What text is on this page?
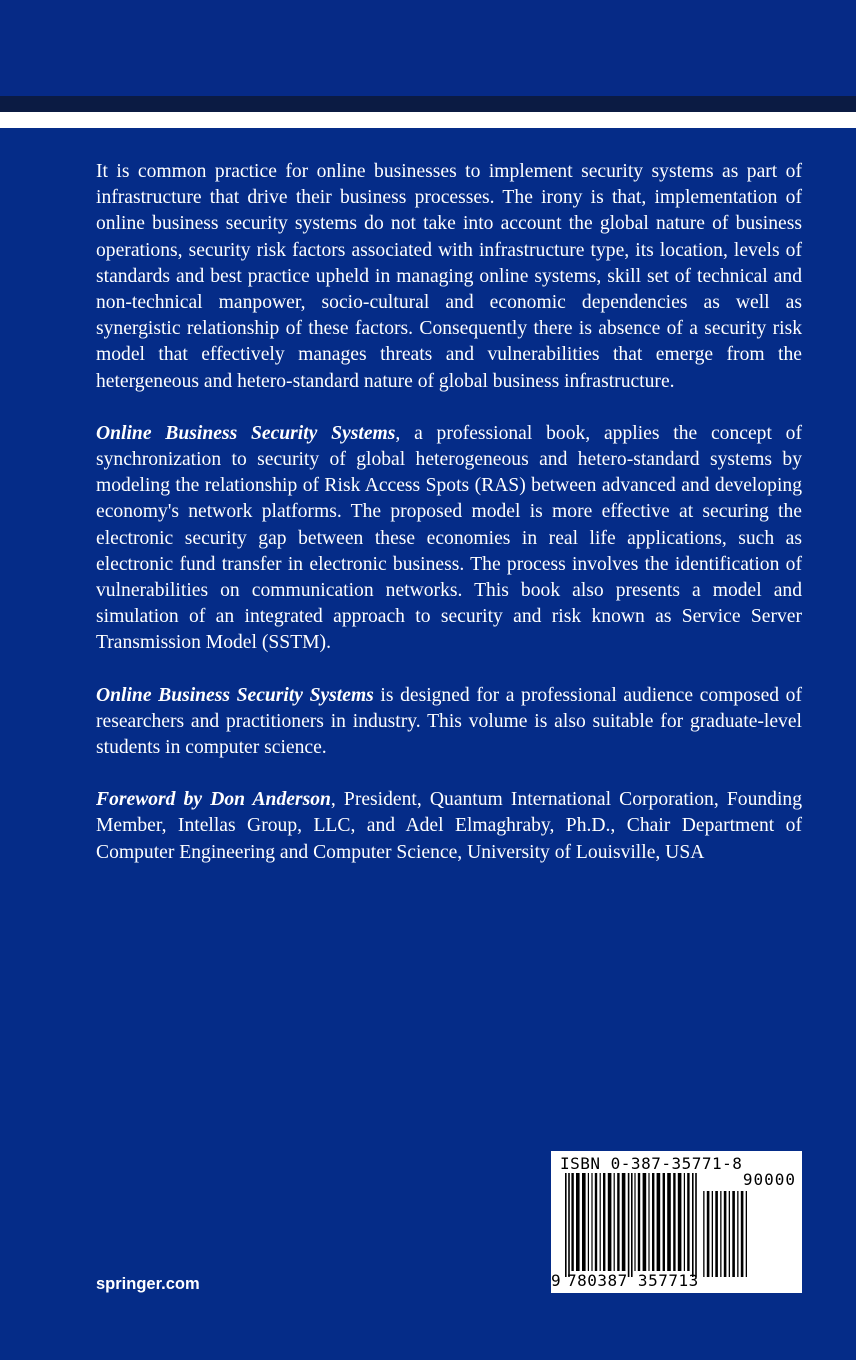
It is common practice for online businesses to implement security systems as part of infrastructure that drive their business processes. The irony is that, implementation of online business security systems do not take into account the global nature of business operations, security risk factors associated with infrastructure type, its location, levels of standards and best practice upheld in managing online systems, skill set of technical and non-technical manpower, socio-cultural and economic dependencies as well as synergistic relationship of these factors. Consequently there is absence of a security risk model that effectively manages threats and vulnerabilities that emerge from the hetergeneous and hetero-standard nature of global business infrastructure.

Online Business Security Systems, a professional book, applies the concept of synchronization to security of global heterogeneous and hetero-standard systems by modeling the relationship of Risk Access Spots (RAS) between advanced and developing economy's network platforms. The proposed model is more effective at securing the electronic security gap between these economies in real life applications, such as electronic fund transfer in electronic business. The process involves the identification of vulnerabilities on communication networks. This book also presents a model and simulation of an integrated approach to security and risk known as Service Server Transmission Model (SSTM).

Online Business Security Systems is designed for a professional audience composed of researchers and practitioners in industry. This volume is also suitable for graduate-level students in computer science.

Foreword by Don Anderson, President, Quantum International Corporation, Founding Member, Intellas Group, LLC, and Adel Elmaghraby, Ph.D., Chair Department of Computer Engineering and Computer Science, University of Louisville, USA

springer.com
ISBN 0-387-35771-8
90000
9 780387 357713
